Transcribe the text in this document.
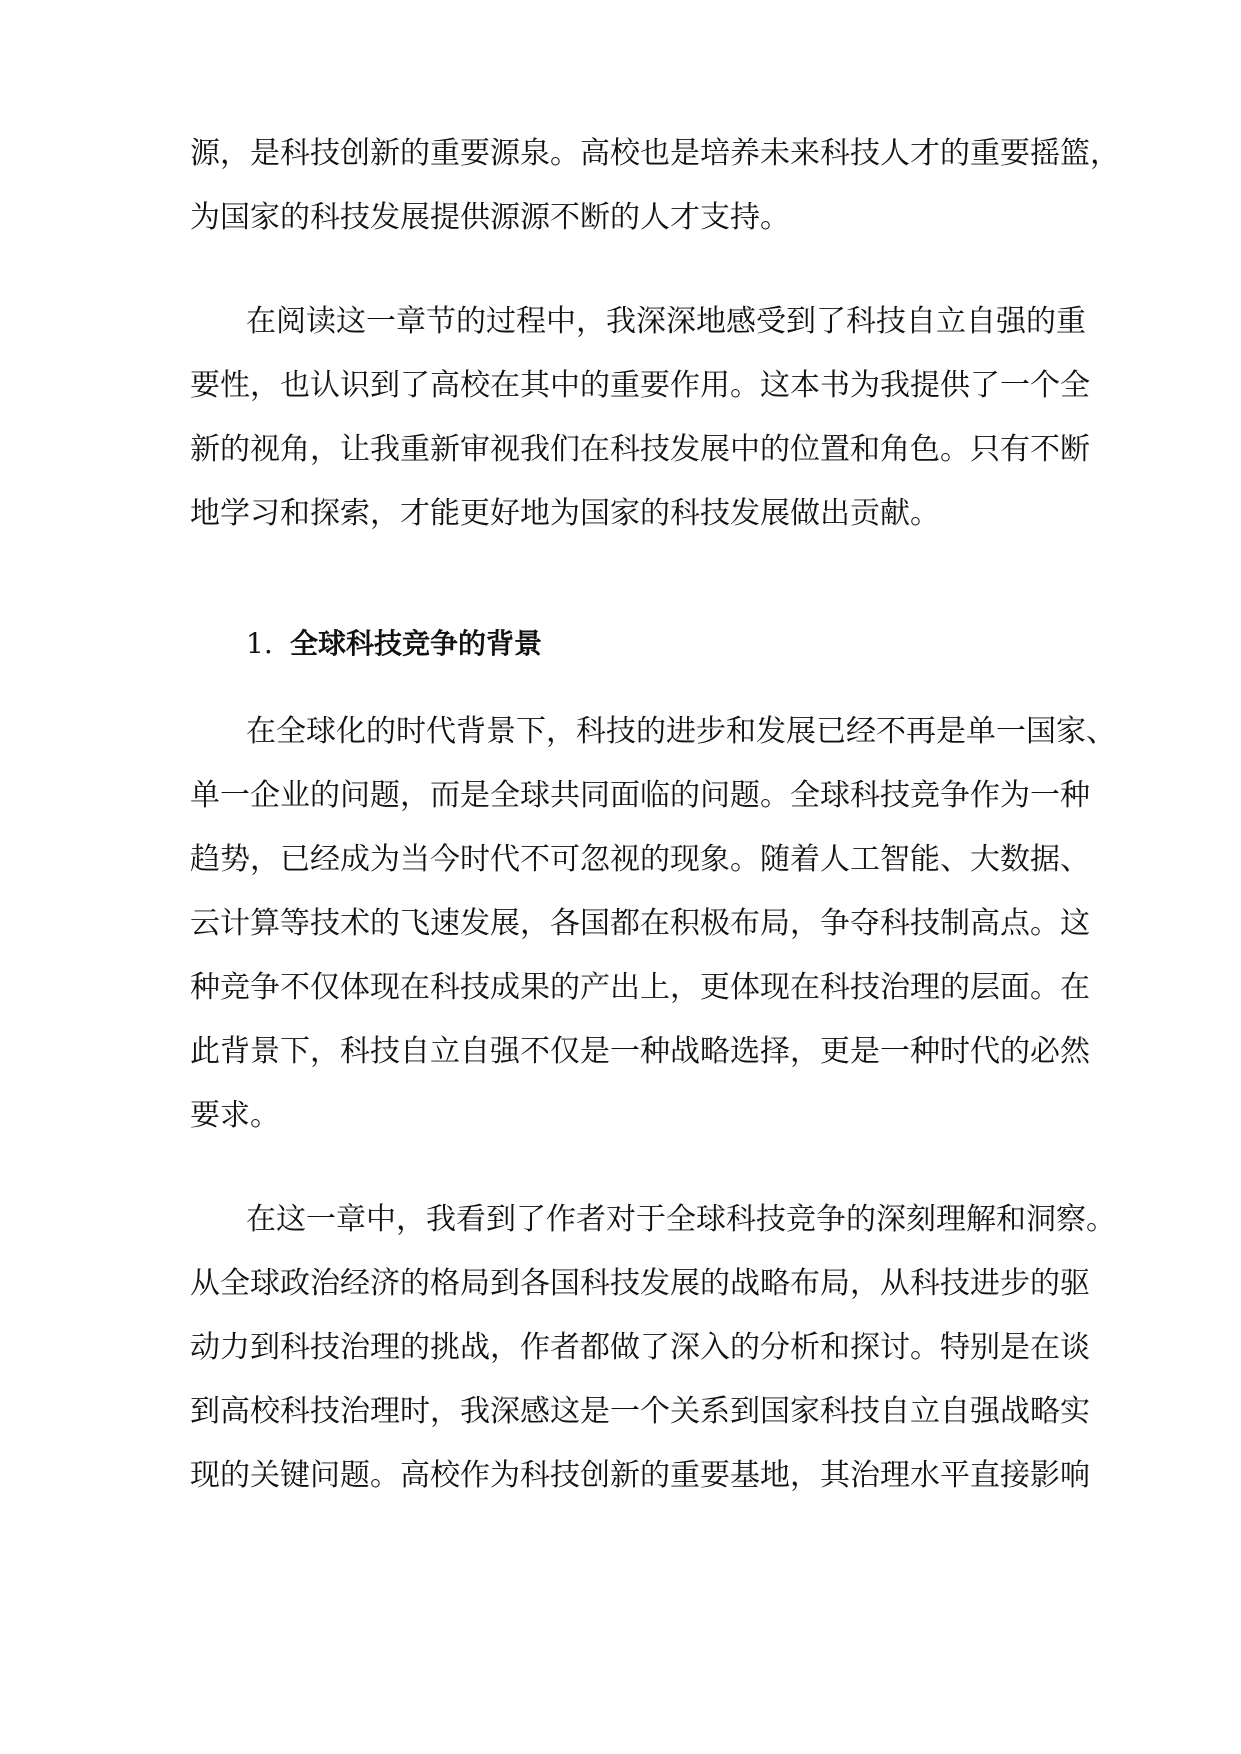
源，是科技创新的重要源泉。高校也是培养未来科技人才的重要摇篮，
为国家的科技发展提供源源不断的人才支持。
在阅读这一章节的过程中，我深深地感受到了科技自立自强的重
要性，也认识到了高校在其中的重要作用。这本书为我提供了一个全
新的视角，让我重新审视我们在科技发展中的位置和角色。只有不断
地学习和探索，才能更好地为国家的科技发展做出贡献。
1. 全球科技竞争的背景
在全球化的时代背景下，科技的进步和发展已经不再是单一国家、
单一企业的问题，而是全球共同面临的问题。全球科技竞争作为一种
趋势，已经成为当今时代不可忽视的现象。随着人工智能、大数据、
云计算等技术的飞速发展，各国都在积极布局，争夺科技制高点。这
种竞争不仅体现在科技成果的产出上，更体现在科技治理的层面。在
此背景下，科技自立自强不仅是一种战略选择，更是一种时代的必然
要求。
在这一章中，我看到了作者对于全球科技竞争的深刻理解和洞察。
从全球政治经济的格局到各国科技发展的战略布局，从科技进步的驱
动力到科技治理的挑战，作者都做了深入的分析和探讨。特别是在谈
到高校科技治理时，我深感这是一个关系到国家科技自立自强战略实
现的关键问题。高校作为科技创新的重要基地，其治理水平直接影响
